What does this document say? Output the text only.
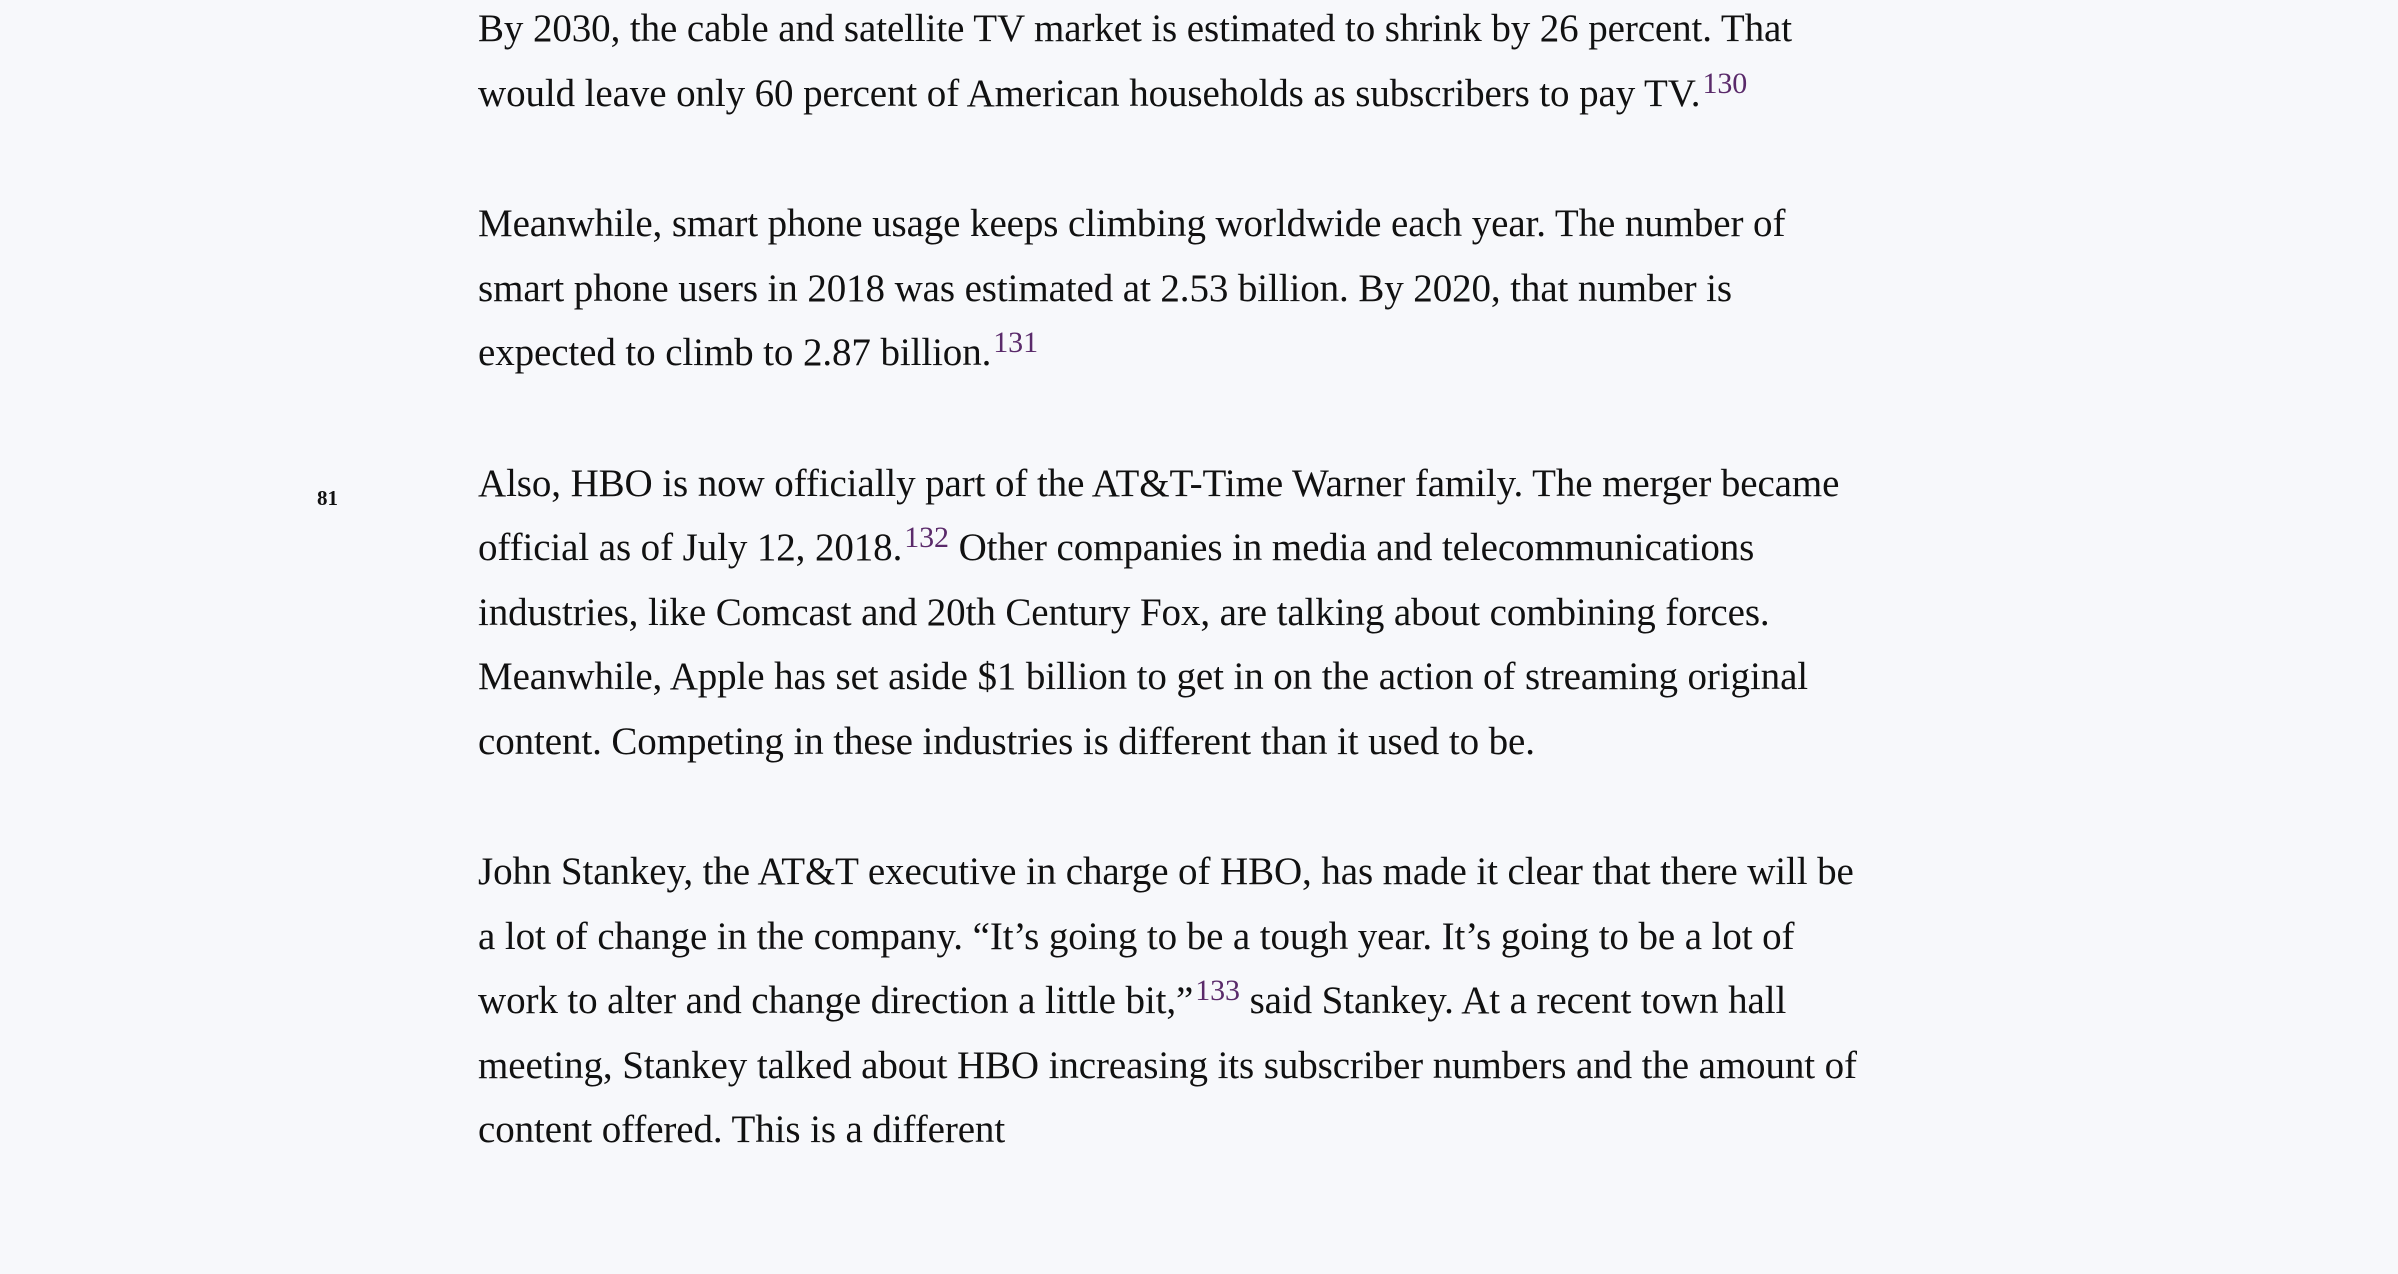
81

By 2030, the cable and satellite TV market is estimated to shrink by 26 percent. That would leave only 60 percent of American households as subscribers to pay TV.130

Meanwhile, smart phone usage keeps climbing worldwide each year. The number of smart phone users in 2018 was estimated at 2.53 billion. By 2020, that number is expected to climb to 2.87 billion.131

Also, HBO is now officially part of the AT&T-Time Warner family. The merger became official as of July 12, 2018.132 Other companies in media and telecommunications industries, like Comcast and 20th Century Fox, are talking about combining forces. Meanwhile, Apple has set aside $1 billion to get in on the action of streaming original content. Competing in these industries is different than it used to be.

John Stankey, the AT&T executive in charge of HBO, has made it clear that there will be a lot of change in the company. “It’s going to be a tough year. It’s going to be a lot of work to alter and change direction a little bit,”133 said Stankey. At a recent town hall meeting, Stankey talked about HBO increasing its subscriber numbers and the amount of content offered. This is a different
